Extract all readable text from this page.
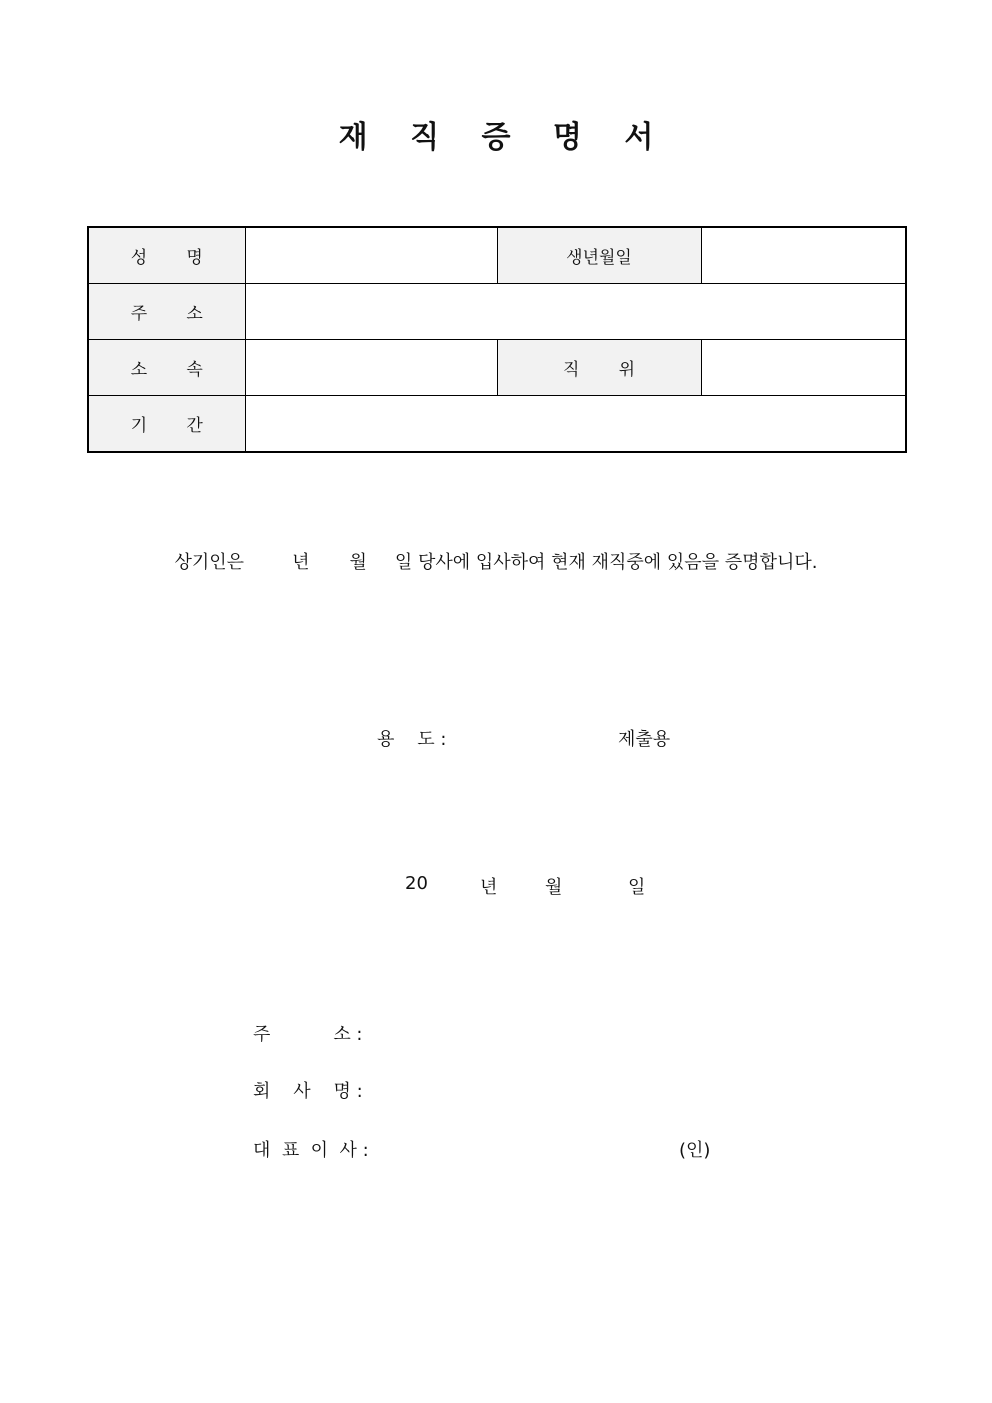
재 직 증 명 서
성 명		생년월일	

주 소			

소 속		직 위	

기 간			

상기인은	년 월 일 당사에 입사하여 현재 재직중에 있음을 증명합니다.
용    도 :	제출용
20	년	월	일
주           소 :
회    사    명 :
대  표  이  사 :	(인)
